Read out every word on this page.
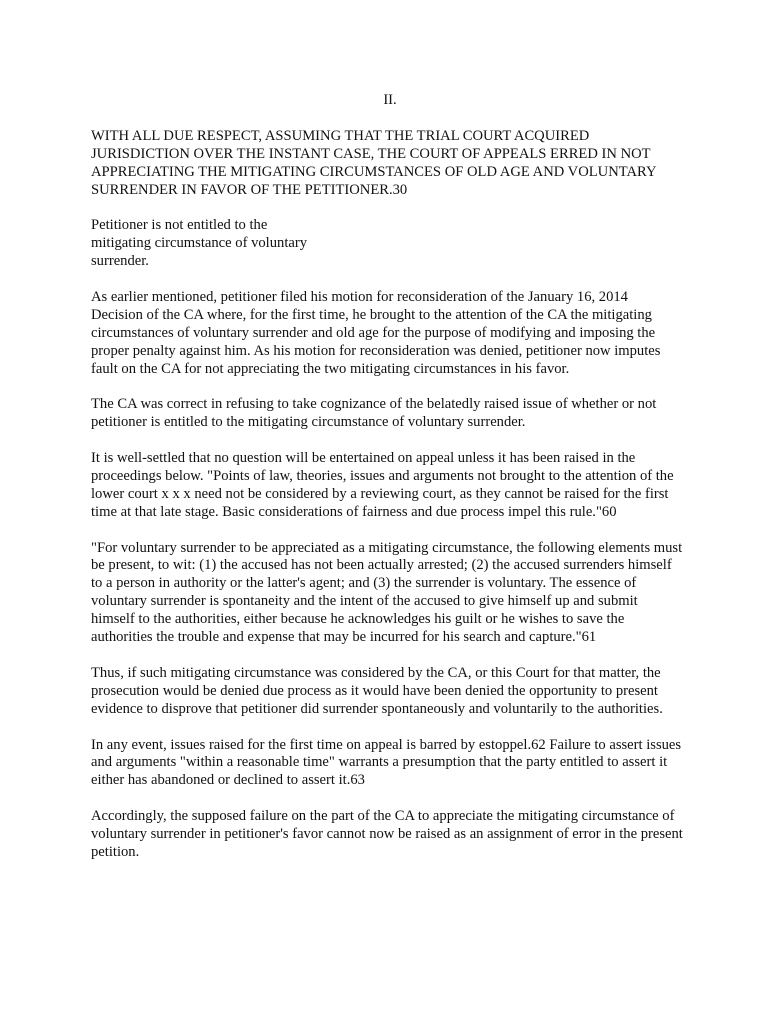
II.

WITH ALL DUE RESPECT, ASSUMING THAT THE TRIAL COURT ACQUIRED JURISDICTION OVER THE INSTANT CASE, THE COURT OF APPEALS ERRED IN NOT APPRECIATING THE MITIGATING CIRCUMSTANCES OF OLD AGE AND VOLUNTARY SURRENDER IN FAVOR OF THE PETITIONER.30

Petitioner is not entitled to the mitigating circumstance of voluntary surrender.

As earlier mentioned, petitioner filed his motion for reconsideration of the January 16, 2014 Decision of the CA where, for the first time, he brought to the attention of the CA the mitigating circumstances of voluntary surrender and old age for the purpose of modifying and imposing the proper penalty against him. As his motion for reconsideration was denied, petitioner now imputes fault on the CA for not appreciating the two mitigating circumstances in his favor.

The CA was correct in refusing to take cognizance of the belatedly raised issue of whether or not petitioner is entitled to the mitigating circumstance of voluntary surrender.

It is well-settled that no question will be entertained on appeal unless it has been raised in the proceedings below. "Points of law, theories, issues and arguments not brought to the attention of the lower court x x x need not be considered by a reviewing court, as they cannot be raised for the first time at that late stage. Basic considerations of fairness and due process impel this rule."60

"For voluntary surrender to be appreciated as a mitigating circumstance, the following elements must be present, to wit: (1) the accused has not been actually arrested; (2) the accused surrenders himself to a person in authority or the latter's agent; and (3) the surrender is voluntary. The essence of voluntary surrender is spontaneity and the intent of the accused to give himself up and submit himself to the authorities, either because he acknowledges his guilt or he wishes to save the authorities the trouble and expense that may be incurred for his search and capture."61

Thus, if such mitigating circumstance was considered by the CA, or this Court for that matter, the prosecution would be denied due process as it would have been denied the opportunity to present evidence to disprove that petitioner did surrender spontaneously and voluntarily to the authorities.

In any event, issues raised for the first time on appeal is barred by estoppel.62 Failure to assert issues and arguments "within a reasonable time" warrants a presumption that the party entitled to assert it either has abandoned or declined to assert it.63

Accordingly, the supposed failure on the part of the CA to appreciate the mitigating circumstance of voluntary surrender in petitioner's favor cannot now be raised as an assignment of error in the present petition.
